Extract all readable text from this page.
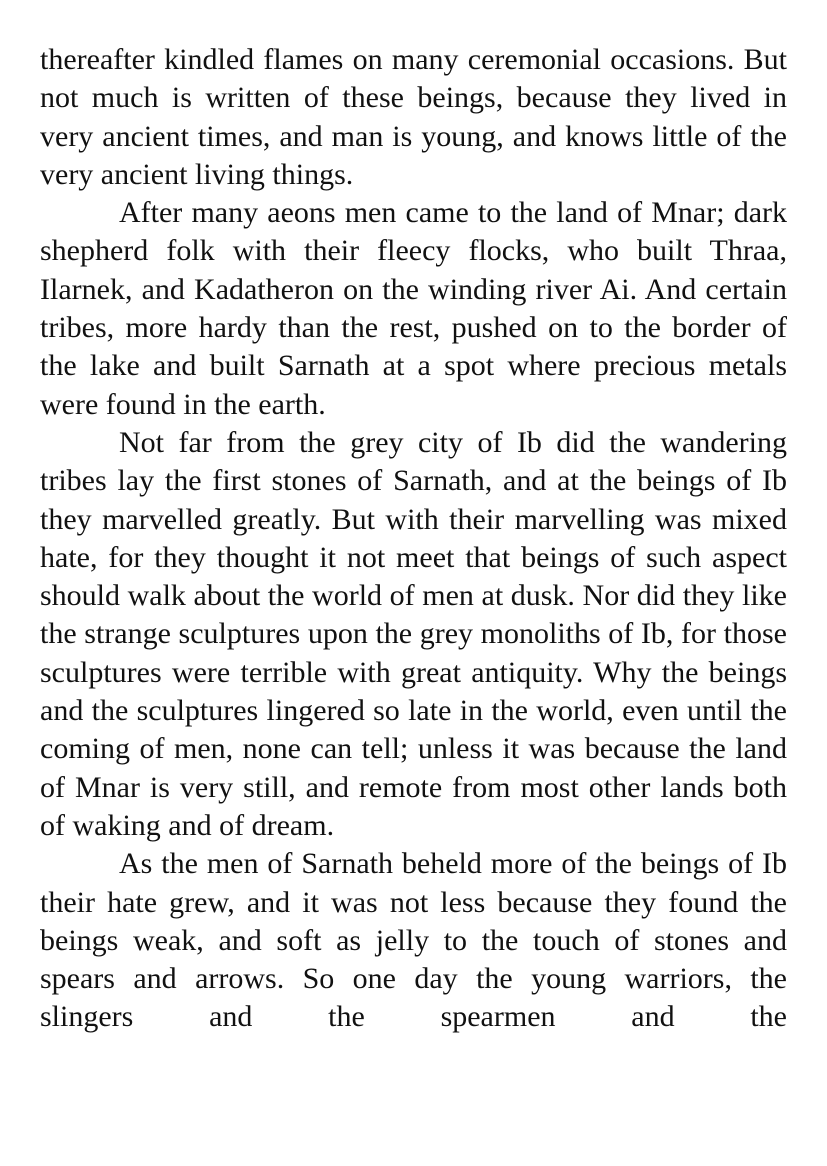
thereafter kindled flames on many ceremonial occasions. But not much is written of these beings, because they lived in very ancient times, and man is young, and knows little of the very ancient living things.

After many aeons men came to the land of Mnar; dark shepherd folk with their fleecy flocks, who built Thraa, Ilarnek, and Kadatheron on the winding river Ai. And certain tribes, more hardy than the rest, pushed on to the border of the lake and built Sarnath at a spot where precious metals were found in the earth.

Not far from the grey city of Ib did the wandering tribes lay the first stones of Sarnath, and at the beings of Ib they marvelled greatly. But with their marvelling was mixed hate, for they thought it not meet that beings of such aspect should walk about the world of men at dusk. Nor did they like the strange sculptures upon the grey monoliths of Ib, for those sculptures were terrible with great antiquity. Why the beings and the sculptures lingered so late in the world, even until the coming of men, none can tell; unless it was because the land of Mnar is very still, and remote from most other lands both of waking and of dream.

As the men of Sarnath beheld more of the beings of Ib their hate grew, and it was not less because they found the beings weak, and soft as jelly to the touch of stones and spears and arrows. So one day the young warriors, the slingers and the spearmen and the
